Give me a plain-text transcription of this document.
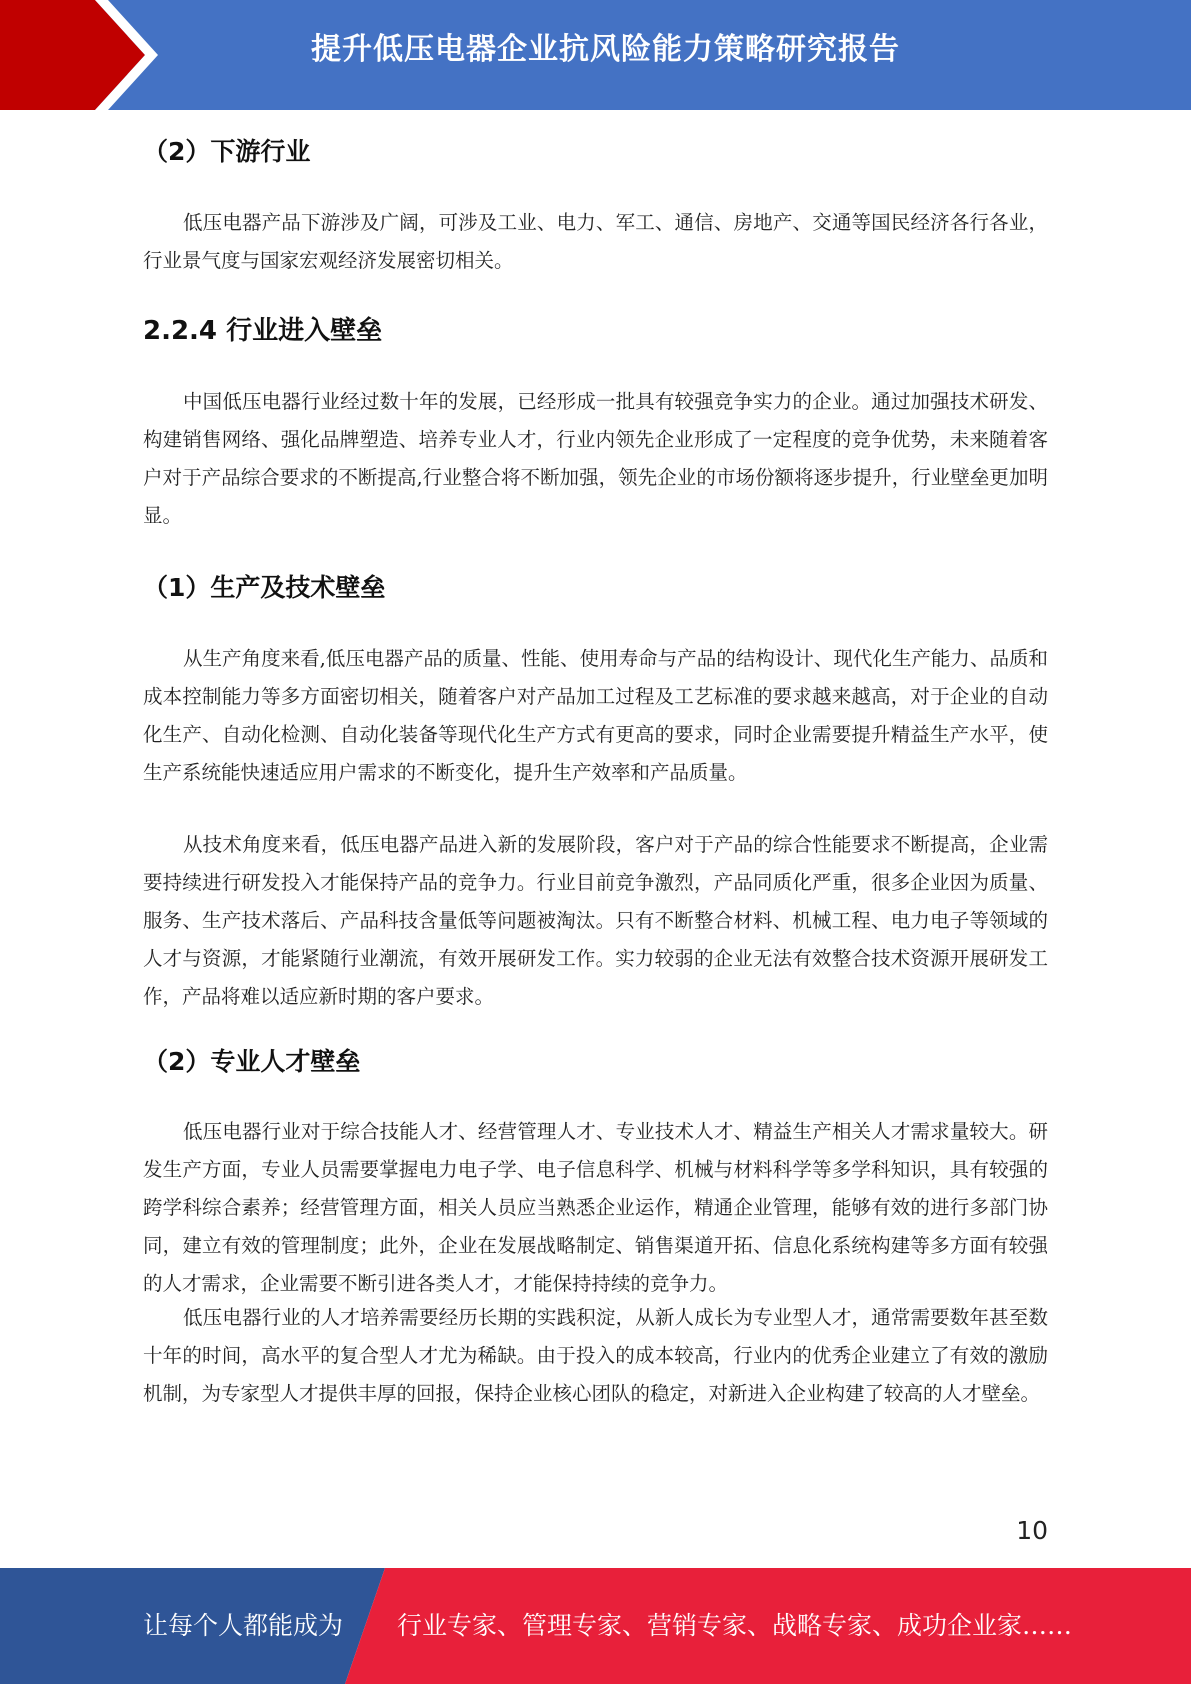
提升低压电器企业抗风险能力策略研究报告
（2）下游行业

低压电器产品下游涉及广阔，可涉及工业、电力、军工、通信、房地产、交通等国民经济各行各业，行业景气度与国家宏观经济发展密切相关。

2.2.4 行业进入壁垒

中国低压电器行业经过数十年的发展，已经形成一批具有较强竞争实力的企业。通过加强技术研发、构建销售网络、强化品牌塑造、培养专业人才，行业内领先企业形成了一定程度的竞争优势，未来随着客户对于产品综合要求的不断提高,行业整合将不断加强，领先企业的市场份额将逐步提升，行业壁垒更加明显。

（1）生产及技术壁垒

从生产角度来看,低压电器产品的质量、性能、使用寿命与产品的结构设计、现代化生产能力、品质和成本控制能力等多方面密切相关，随着客户对产品加工过程及工艺标准的要求越来越高，对于企业的自动化生产、自动化检测、自动化装备等现代化生产方式有更高的要求，同时企业需要提升精益生产水平，使生产系统能快速适应用户需求的不断变化，提升生产效率和产品质量。

从技术角度来看，低压电器产品进入新的发展阶段，客户对于产品的综合性能要求不断提高，企业需要持续进行研发投入才能保持产品的竞争力。行业目前竞争激烈，产品同质化严重，很多企业因为质量、服务、生产技术落后、产品科技含量低等问题被淘汰。只有不断整合材料、机械工程、电力电子等领域的人才与资源，才能紧随行业潮流，有效开展研发工作。实力较弱的企业无法有效整合技术资源开展研发工作，产品将难以适应新时期的客户要求。

（2）专业人才壁垒

低压电器行业对于综合技能人才、经营管理人才、专业技术人才、精益生产相关人才需求量较大。研发生产方面，专业人员需要掌握电力电子学、电子信息科学、机械与材料科学等多学科知识，具有较强的跨学科综合素养；经营管理方面，相关人员应当熟悉企业运作，精通企业管理，能够有效的进行多部门协同，建立有效的管理制度；此外，企业在发展战略制定、销售渠道开拓、信息化系统构建等多方面有较强的人才需求，企业需要不断引进各类人才，才能保持持续的竞争力。

低压电器行业的人才培养需要经历长期的实践积淀，从新人成长为专业型人才，通常需要数年甚至数十年的时间，高水平的复合型人才尤为稀缺。由于投入的成本较高，行业内的优秀企业建立了有效的激励机制，为专家型人才提供丰厚的回报，保持企业核心团队的稳定，对新进入企业构建了较高的人才壁垒。

10
让每个人都能成为 行业专家、管理专家、营销专家、战略专家、成功企业家……
